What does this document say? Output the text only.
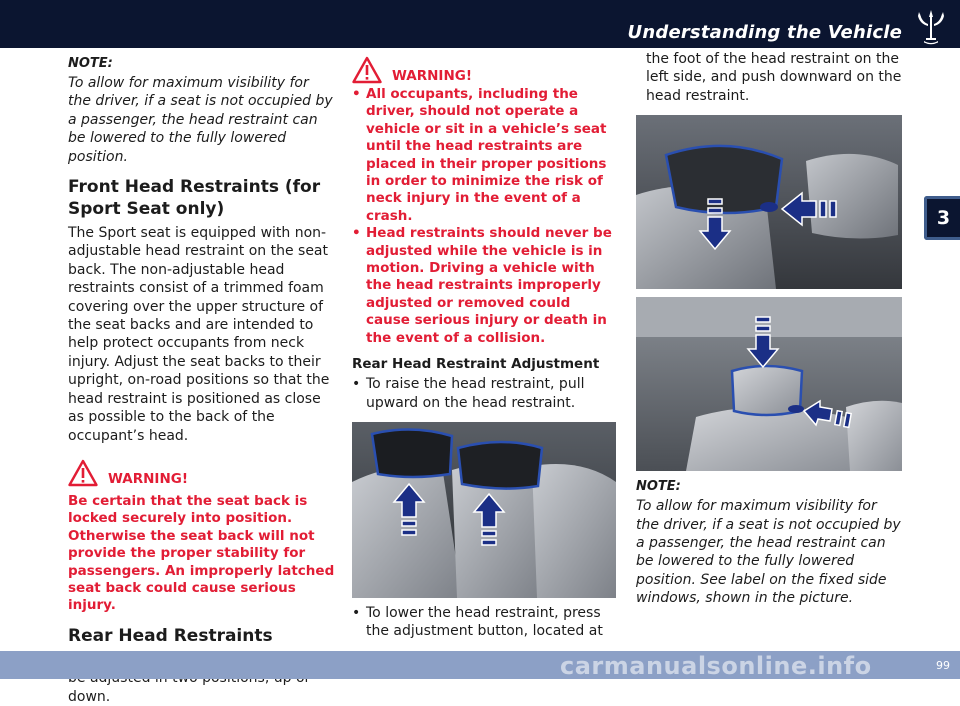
Understanding the Vehicle
3
NOTE:
To allow for maximum visibility for the driver, if a seat is not occupied by a passenger, the head restraint can be lowered to the fully lowered position.
Front Head Restraints (for Sport Seat only)
The Sport seat is equipped with non-adjustable head restraint on the seat back. The non-adjustable head restraints consist of a trimmed foam covering over the upper structure of the seat backs and are intended to help protect occupants from neck injury. Adjust the seat backs to their upright, on-road positions so that the head restraint is positioned as close as possible to the back of the occupant’s head.
WARNING!
Be certain that the seat back is locked securely into position. Otherwise the seat back will not provide the proper stability for passengers. An improperly latched seat back could cause serious injury.
Rear Head Restraints
down.
WARNING!
• All occupants, including the driver, should not operate a vehicle or sit in a vehicle’s seat until the head restraints are placed in their proper positions in order to minimize the risk of neck injury in the event of a crash.
• Head restraints should never be adjusted while the vehicle is in motion. Driving a vehicle with the head restraints improperly adjusted or removed could cause serious injury or death in the event of a collision.
Rear Head Restraint Adjustment
• To raise the head restraint, pull upward on the head restraint.
• To lower the head restraint, press the adjustment button, located at
the foot of the head restraint on the left side, and push downward on the head restraint.
NOTE:
To allow for maximum visibility for the driver, if a seat is not occupied by a passenger, the head restraint can be lowered to the fully lowered position. See label on the fixed side windows, shown in the picture.
99
carmanualsonline.info
